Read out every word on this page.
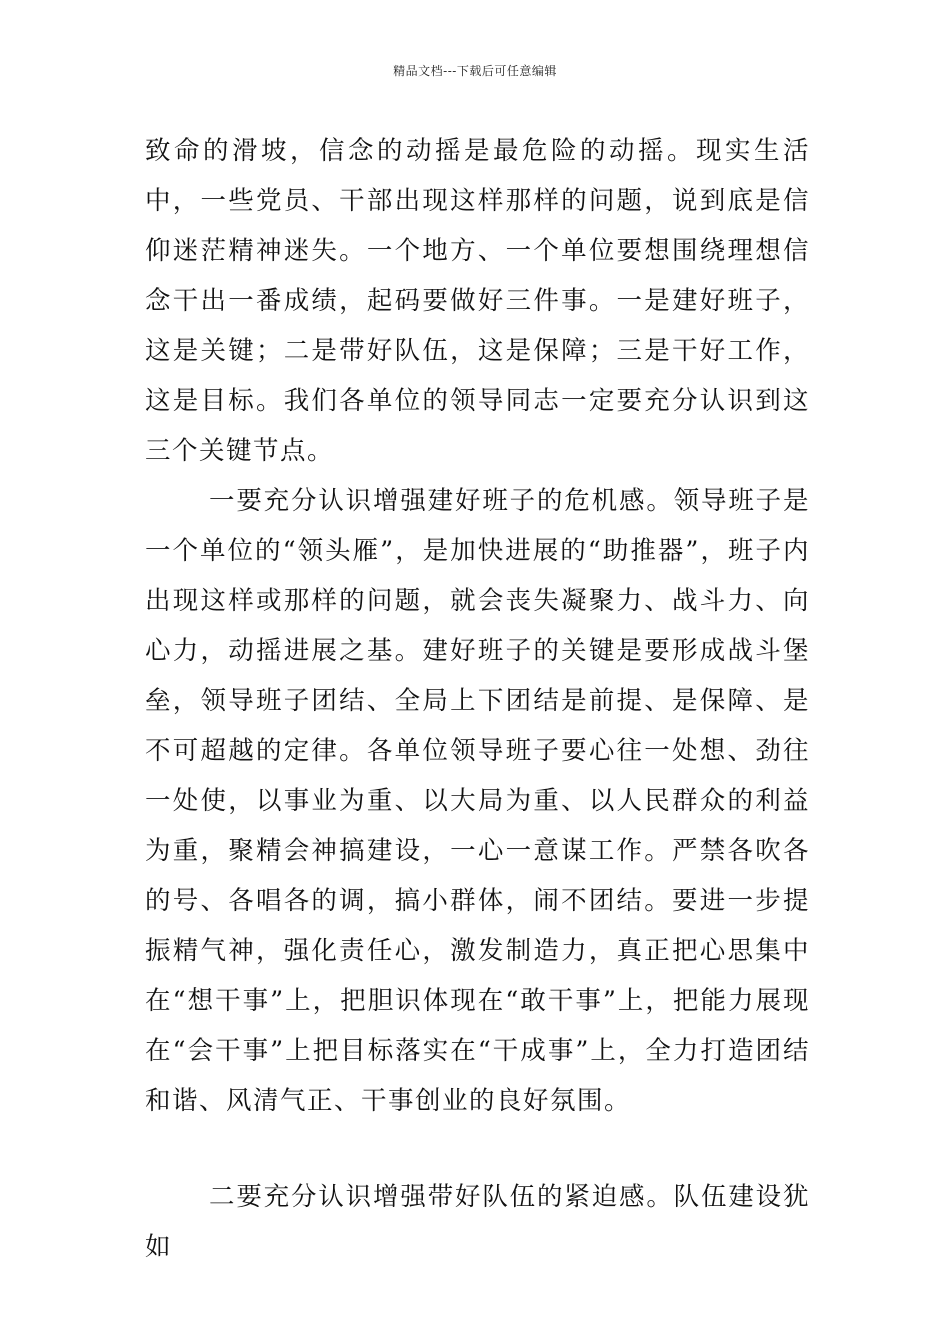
精品文档---下载后可任意编辑

致命的滑坡，信念的动摇是最危险的动摇。现实生活中，一些党员、干部出现这样那样的问题，说到底是信仰迷茫精神迷失。一个地方、一个单位要想围绕理想信念干出一番成绩，起码要做好三件事。一是建好班子，这是关键；二是带好队伍，这是保障；三是干好工作，这是目标。我们各单位的领导同志一定要充分认识到这三个关键节点。

一要充分认识增强建好班子的危机感。领导班子是一个单位的“领头雁”，是加快进展的“助推器”，班子内出现这样或那样的问题，就会丧失凝聚力、战斗力、向心力，动摇进展之基。建好班子的关键是要形成战斗堡垒，领导班子团结、全局上下团结是前提、是保障、是不可超越的定律。各单位领导班子要心往一处想、劲往一处使，以事业为重、以大局为重、以人民群众的利益为重，聚精会神搞建设，一心一意谋工作。严禁各吹各的号、各唱各的调，搞小群体，闹不团结。要进一步提振精气神，强化责任心，激发制造力，真正把心思集中在“想干事”上，把胆识体现在“敢干事”上，把能力展现在“会干事”上把目标落实在“干成事”上，全力打造团结和谐、风清气正、干事创业的良好氛围。

二要充分认识增强带好队伍的紧迫感。队伍建设犹如
